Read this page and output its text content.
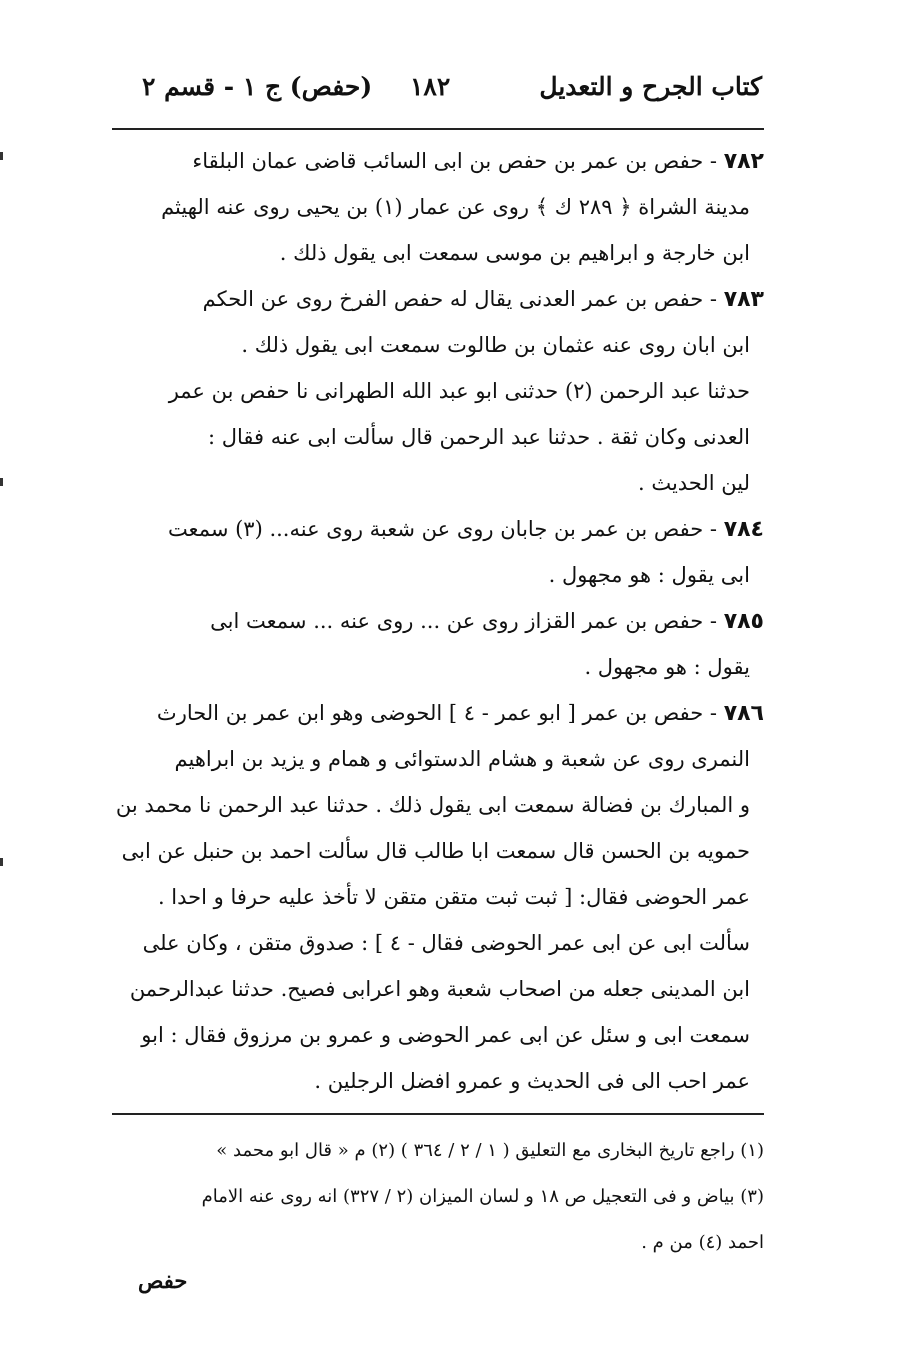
كتاب الجرح و التعديل
١٨٢
(حفص) ج ١ - قسم ٢
٧٨٢ - حفص بن عمر بن حفص بن ابى السائب قاضى عمان البلقاء
مدينة الشراة ﴿ ٢٨٩ ك ﴾ روى عن عمار (١) بن يحيى روى عنه الهيثم
ابن خارجة و ابراهيم بن موسى سمعت ابى يقول ذلك .
٧٨٣ - حفص بن عمر العدنى يقال له حفص الفرخ روى عن الحكم
ابن ابان روى عنه عثمان بن طالوت سمعت ابى يقول ذلك .
حدثنا عبد الرحمن (٢) حدثنى ابو عبد الله الطهرانى نا حفص بن عمر
العدنى وكان ثقة . حدثنا عبد الرحمن قال سألت ابى عنه فقال :
لين الحديث .
٧٨٤ - حفص بن عمر بن جابان روى عن شعبة روى عنه... (٣) سمعت
ابى يقول : هو مجهول .
٧٨٥ - حفص بن عمر القزاز روى عن ... روى عنه ... سمعت ابى
يقول : هو مجهول .
٧٨٦ - حفص بن عمر [ ابو عمر - ٤ ] الحوضى وهو ابن عمر بن الحارث
النمرى روى عن شعبة و هشام الدستوائى و همام و يزيد بن ابراهيم
و المبارك بن فضالة سمعت ابى يقول ذلك . حدثنا عبد الرحمن نا محمد بن
حمويه بن الحسن قال سمعت ابا طالب قال سألت احمد بن حنبل عن ابى
عمر الحوضى فقال: [ ثبت ثبت متقن متقن لا تأخذ عليه حرفا و احدا .
سألت ابى عن ابى عمر الحوضى فقال - ٤ ] : صدوق متقن ، وكان على
ابن المدينى جعله من اصحاب شعبة وهو اعرابى فصيح. حدثنا عبدالرحمن
سمعت ابى و سئل عن ابى عمر الحوضى و عمرو بن مرزوق فقال : ابو
عمر احب الى فى الحديث و عمرو افضل الرجلين .
(١) راجع تاريخ البخارى مع التعليق ( ١ / ٢ / ٣٦٤ ) (٢) م « قال ابو محمد »
(٣) بياض و فى التعجيل ص ١٨ و لسان الميزان (٢ / ٣٢٧) انه روى عنه الامام
احمد (٤) من م .
حفص
